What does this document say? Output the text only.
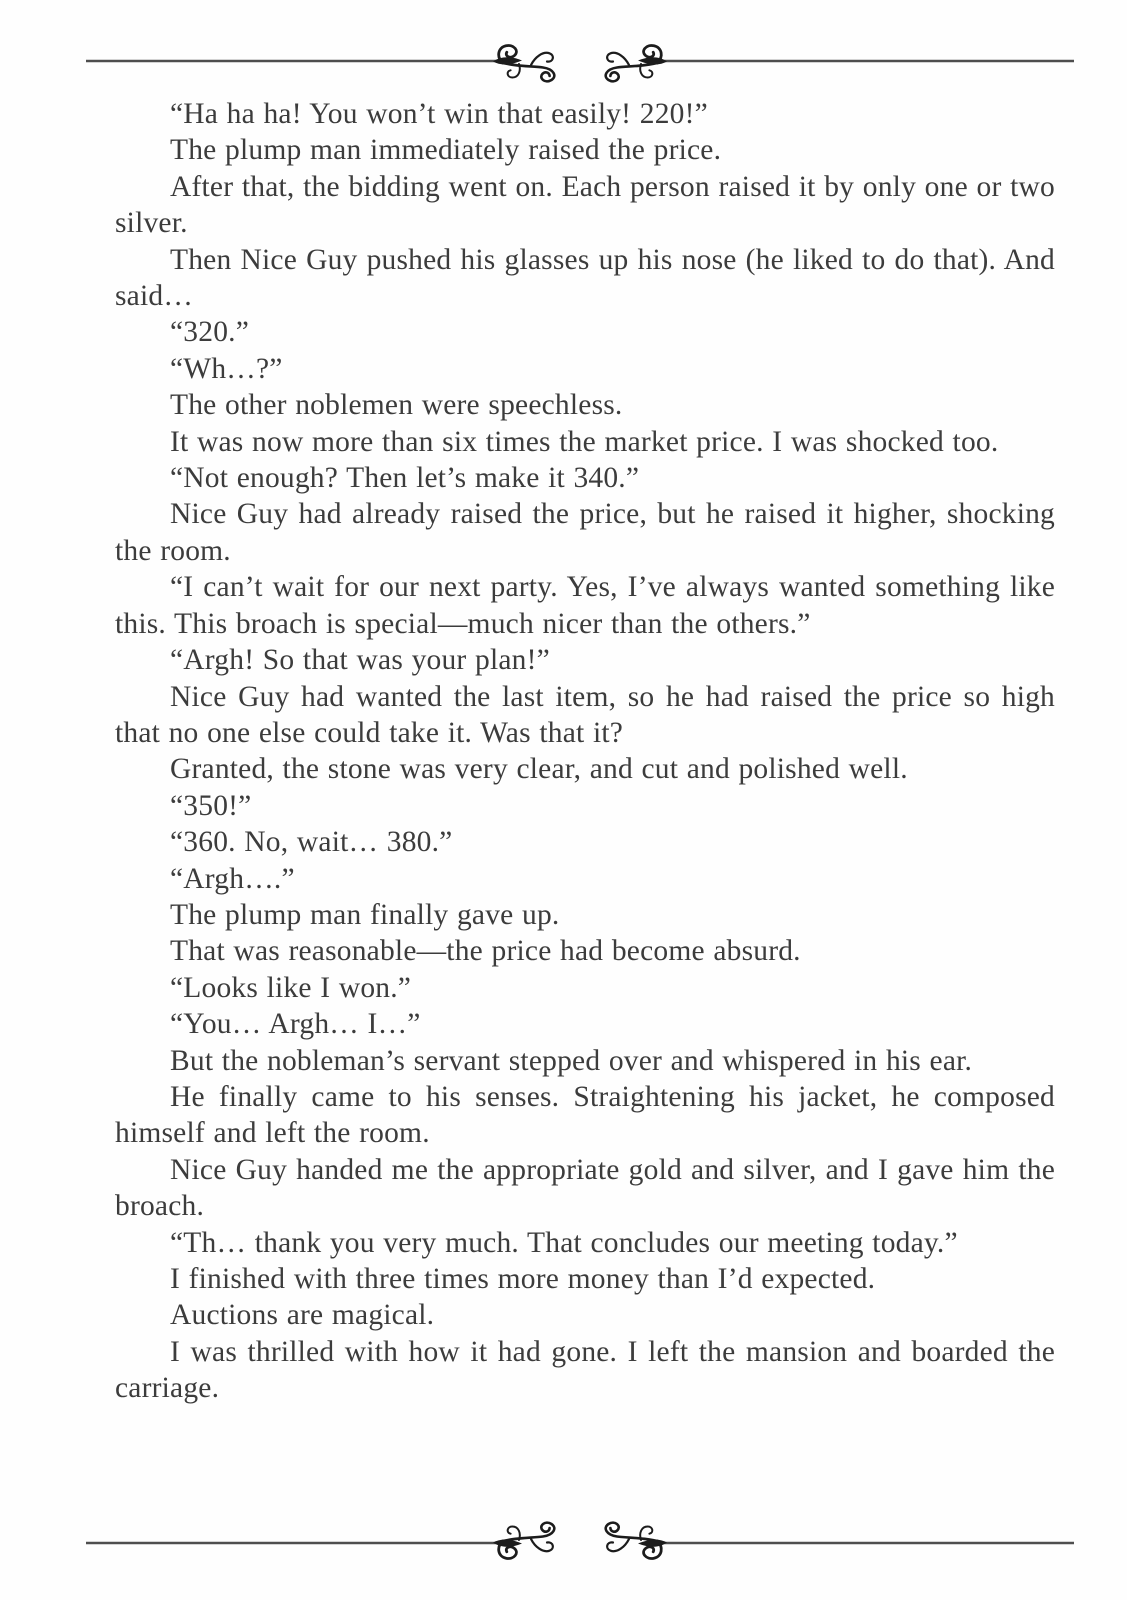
“Ha ha ha! You won’t win that easily! 220!”

The plump man immediately raised the price.

After that, the bidding went on. Each person raised it by only one or two silver.

Then Nice Guy pushed his glasses up his nose (he liked to do that). And said…

“320.”

“Wh…?”

The other noblemen were speechless.

It was now more than six times the market price. I was shocked too.

“Not enough? Then let’s make it 340.”

Nice Guy had already raised the price, but he raised it higher, shocking the room.

“I can’t wait for our next party. Yes, I’ve always wanted something like this. This broach is special—much nicer than the others.”

“Argh! So that was your plan!”

Nice Guy had wanted the last item, so he had raised the price so high that no one else could take it. Was that it?

Granted, the stone was very clear, and cut and polished well.

“350!”

“360. No, wait… 380.”

“Argh….”

The plump man finally gave up.

That was reasonable—the price had become absurd.

“Looks like I won.”

“You… Argh… I…”

But the nobleman’s servant stepped over and whispered in his ear.

He finally came to his senses. Straightening his jacket, he composed himself and left the room.

Nice Guy handed me the appropriate gold and silver, and I gave him the broach.

“Th… thank you very much. That concludes our meeting today.”

I finished with three times more money than I’d expected.

Auctions are magical.

I was thrilled with how it had gone. I left the mansion and boarded the carriage.
